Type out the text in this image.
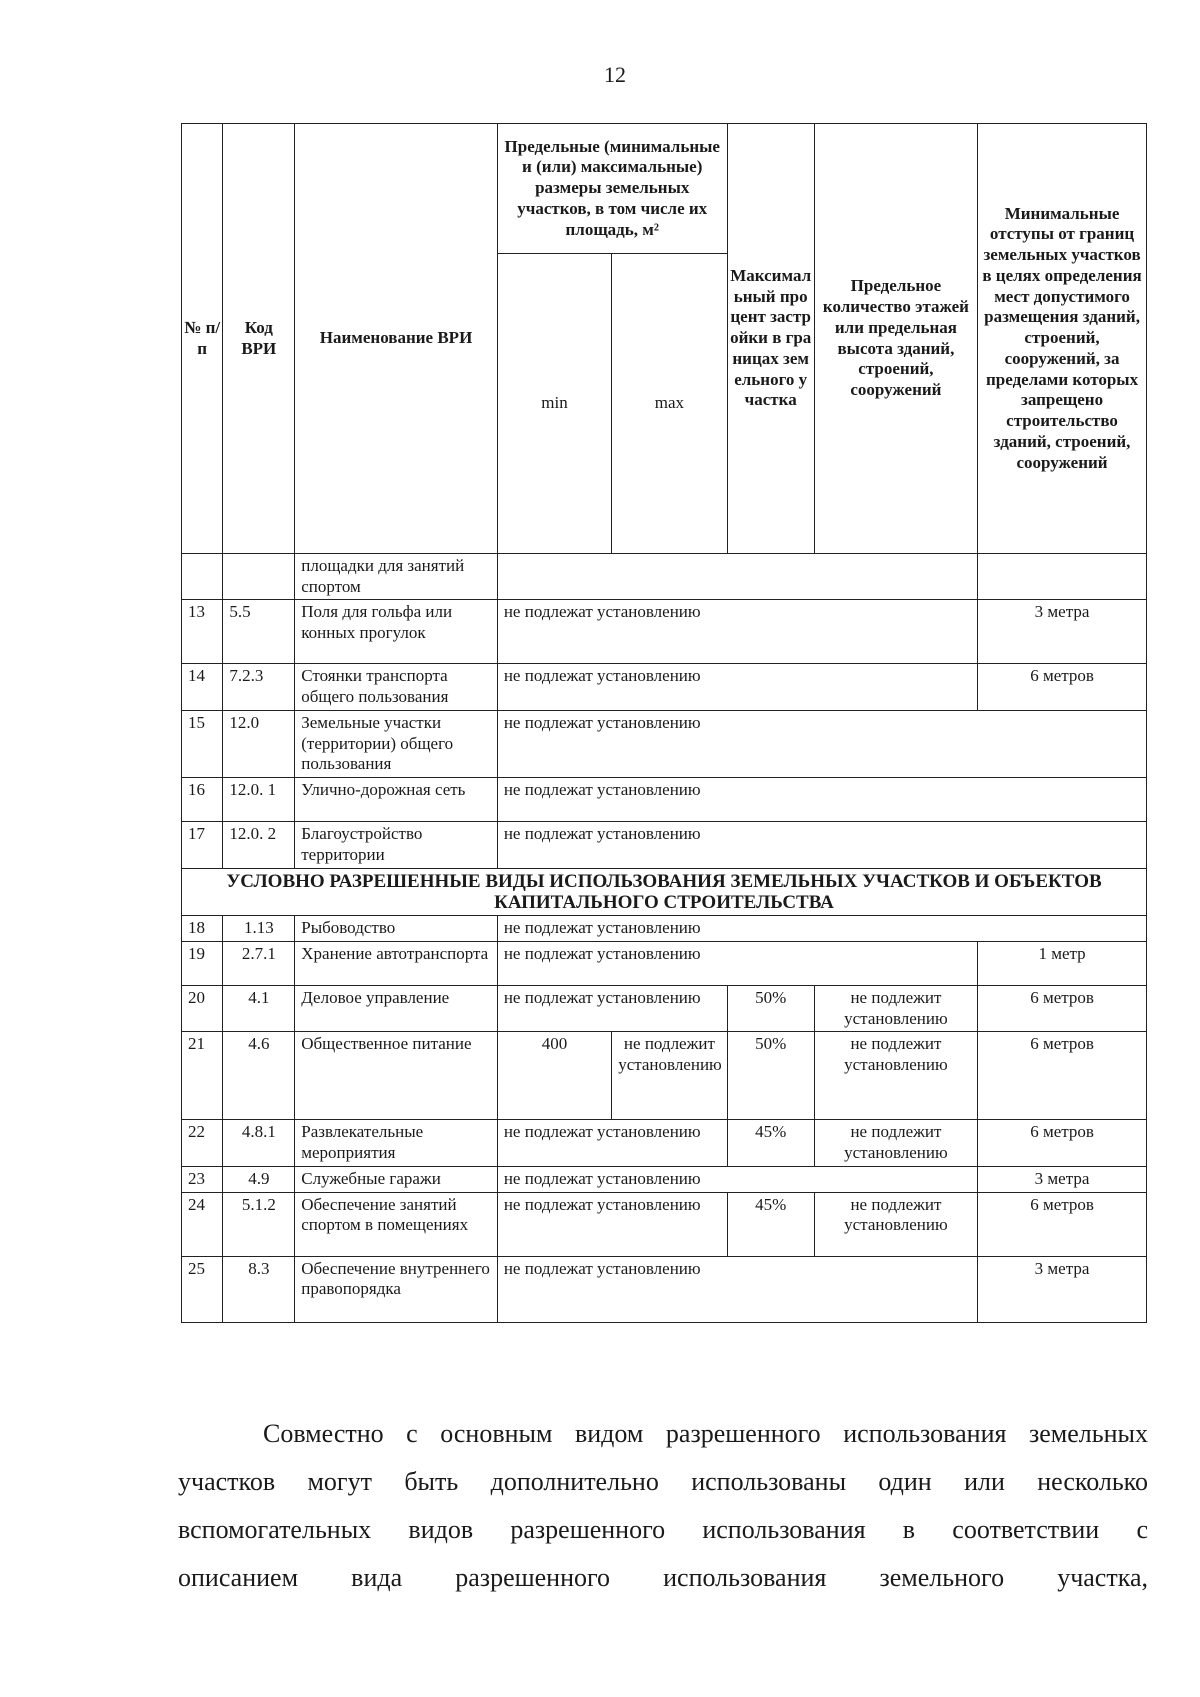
12
№ п/ п	Код ВРИ	Наименование ВРИ	Предельные (минимальные и (или) максимальные) размеры земельных участков, в том числе их площадь, м²		Максимальный процент застройки в границах земельного участка	Предельное количество этажей или предельная высота зданий, строений, сооружений	Минимальные отступы от границ земельных участков в целях определения мест допустимого размещения зданий, строений, сооружений, за пределами которых запрещено строительство зданий, строений, сооружений
			min	max			
		площадки для занятий спортом					
13	5.5	Поля для гольфа или конных прогулок	не подлежат установлению				3 метра
14	7.2.3	Стоянки транспорта общего пользования	не подлежат установлению				6 метров
15	12.0	Земельные участки (территории) общего пользования	не подлежат установлению				
16	12.0. 1	Улично-дорожная сеть	не подлежат установлению				
17	12.0. 2	Благоустройство территории	не подлежат установлению				
УСЛОВНО РАЗРЕШЕННЫЕ ВИДЫ ИСПОЛЬЗОВАНИЯ ЗЕМЕЛЬНЫХ УЧАСТКОВ И ОБЪЕКТОВ КАПИТАЛЬНОГО СТРОИТЕЛЬСТВА							
18	1.13	Рыбоводство	не подлежат установлению				
19	2.7.1	Хранение автотранспорта	не подлежат установлению				1 метр
20	4.1	Деловое управление	не подлежат установлению		50%	не подлежит установлению	6 метров
21	4.6	Общественное питание	400	не подлежит установлению	50%	не подлежит установлению	6 метров
22	4.8.1	Развлекательные мероприятия	не подлежат установлению		45%	не подлежит установлению	6 метров
23	4.9	Служебные гаражи	не подлежат установлению				3 метра
24	5.1.2	Обеспечение занятий спортом в помещениях	не подлежат установлению		45%	не подлежит установлению	6 метров
25	8.3	Обеспечение внутреннего правопорядка	не подлежат установлению				3 метра
Совместно с основным видом разрешенного использования земельных
участков могут быть дополнительно использованы один или несколько
вспомогательных видов разрешенного использования в соответствии с
описанием вида разрешенного использования земельного участка,
